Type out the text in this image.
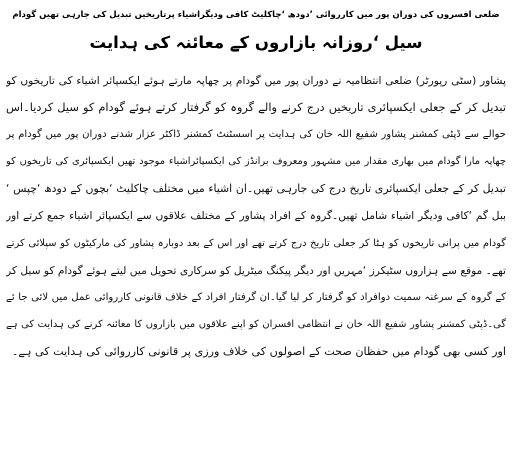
ضلعی افسروں کی دوران پور میں کارروائی ’دودھ ‘چاکلیٹ کافی ودیگراشیاء پرتاریخیں تبدیل کی جارہی تھیں گودام
سیل ‘روزانہ بازاروں کے معائنہ کی ہدایت
پشاور (سٹی رپورٹر) ضلعی انتظامیہ نے دوران پور میں گودام پر چھاپہ مارتے ہوئے ایکسپائر اشیاء کی تاریخوں کو
تبدیل کر کے جعلی ایکسپائری تاریخیں درج کرنے والے گروہ کو گرفتار کرتے ہوئے گودام کو سیل کردیا۔اس
حوالے سے ڈپٹی کمشنر پشاور شفیع اللہ خان کی ہدایت پر اسسٹنٹ کمشنر ڈاکٹر عزار شدنے دوران پور میں گودام پر
چھاپہ مارا گودام میں بھاری مقدار میں مشہور ومعروف برانڈز کی ایکسپائراشیاء موجود تھیں ایکسپائری کی تاریخوں کو
تبدیل کر کے جعلی ایکسپائری تاریخ درج کی جارہی تھیں۔ان اشیاء میں مختلف چاکلیٹ ‘بچوں کے دودھ ‘چپس ‘
ببل گم ‘کافی ودیگر اشیاء شامل تھیں۔گروہ کے افراد پشاور کے مختلف علاقوں سے ایکسپائر اشیاء جمع کرتے اور
گودام میں پرانی تاریخوں کو ہٹا کر جعلی تاریخ درج کرتے تھے اور اس کے بعد دوبارہ پشاور کی مارکیٹوں کو سپلائی کرتے
تھے۔ موقع سے ہزاروں سٹیکرز ‘مہریں اور دیگر پیکنگ میٹریل کو سرکاری تحویل میں لیتے ہوئے گودام کو سیل کر
کے گروہ کے سرغنہ سمیت دوافراد کو گرفتار کر لیا گیا۔ان گرفتار افراد کے خلاف قانونی کارروائی عمل میں لائی جا ئے
گی۔ڈپٹی کمشنر پشاور شفیع اللہ خان نے انتظامی افسران کو اپنے علاقوں میں بازاروں کا معائنہ کرنے کی ہدایت کی ہے
اور کسی بھی گودام میں حفظان صحت کے اصولوں کی خلاف ورزی پر قانونی کارروائی کی ہدایت کی ہے۔
